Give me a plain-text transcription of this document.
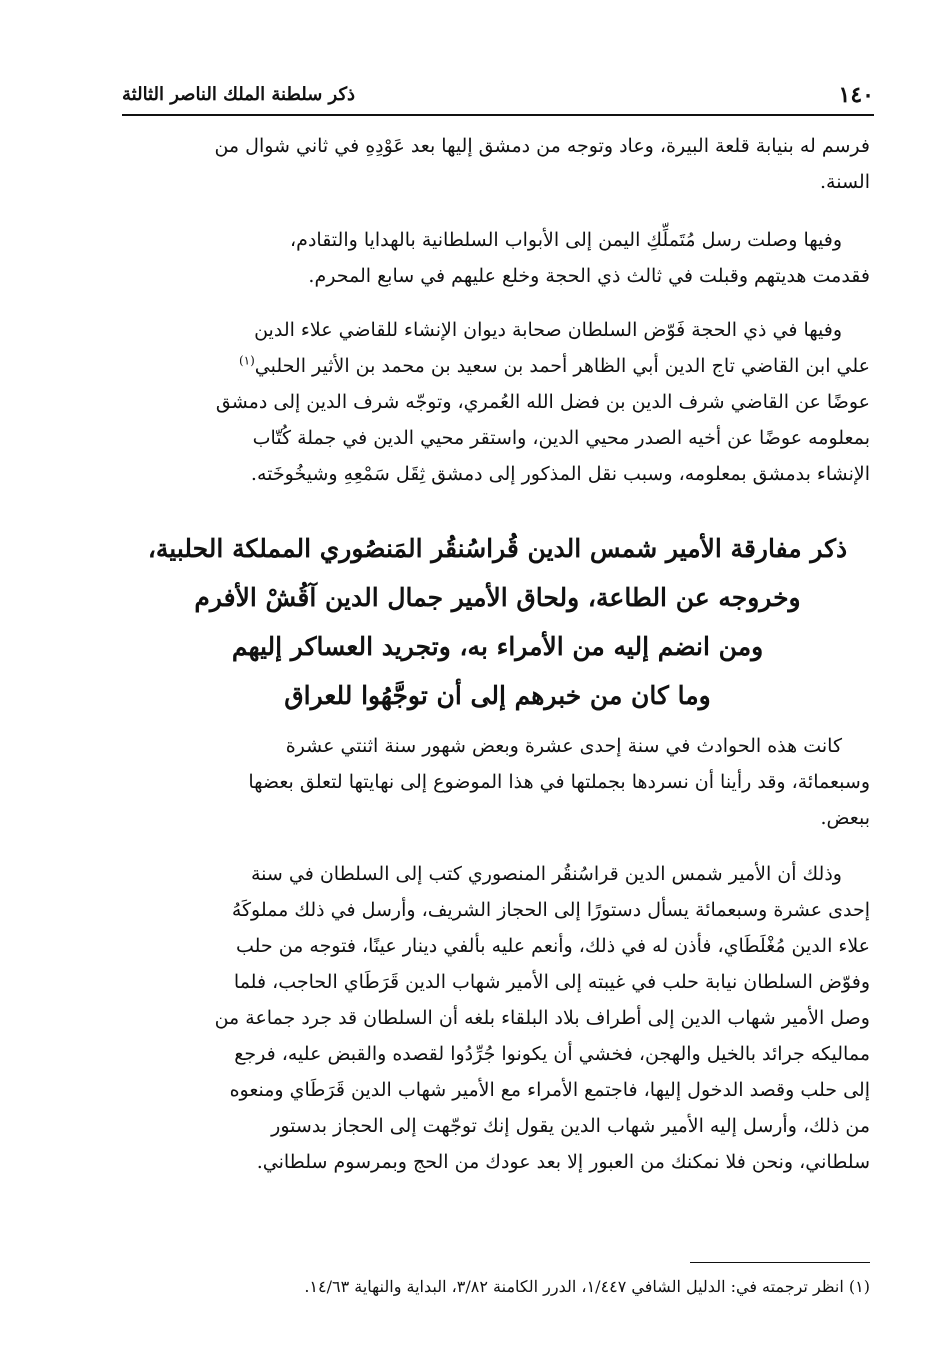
١٤٠
ذكر سلطنة الملك الناصر الثالثة

فرسم له بنيابة قلعة البيرة، وعاد وتوجه من دمشق إليها بعد عَوْدِهِ في ثاني شوال من

السنة.

وفيها وصلت رسل مُتَملِّكِ اليمن إلى الأبواب السلطانية بالهدايا والتقادم،

فقدمت هديتهم وقبلت في ثالث ذي الحجة وخلع عليهم في سابع المحرم.

وفيها في ذي الحجة فَوّض السلطان صحابة ديوان الإنشاء للقاضي علاء الدين

علي ابن القاضي تاج الدين أبي الظاهر أحمد بن سعيد بن محمد بن الأثير الحلبي$^{(١)}$

عوضًا عن القاضي شرف الدين بن فضل الله العُمري، وتوجّه شرف الدين إلى دمشق

بمعلومه عوضًا عن أخيه الصدر محيي الدين، واستقر محيي الدين في جملة كُتّاب

الإنشاء بدمشق بمعلومه، وسبب نقل المذكور إلى دمشق ثِقَل سَمْعِهِ وشيخُوخَته.

ذكر مفارقة الأمير شمس الدين قُراسُنقُر المَنصُوري المملكة الحلبية،
وخروجه عن الطاعة، ولحاق الأمير جمال الدين آقُشْ الأفرم
ومن انضم إليه من الأمراء به، وتجريد العساكر إليهم
وما كان من خبرهم إلى أن توجَّهُوا للعراق

كانت هذه الحوادث في سنة إحدى عشرة وبعض شهور سنة اثنتي عشرة

وسبعمائة، وقد رأينا أن نسردها بجملتها في هذا الموضوع إلى نهايتها لتعلق بعضها

ببعض.

وذلك أن الأمير شمس الدين قراسُنقُر المنصوري كتب إلى السلطان في سنة

إحدى عشرة وسبعمائة يسأل دستورًا إلى الحجاز الشريف، وأرسل في ذلك مملوكَهُ

علاء الدين مُغْلَطَاي، فأذن له في ذلك، وأنعم عليه بألفي دينار عينًا، فتوجه من حلب

وفوّض السلطان نيابة حلب في غيبته إلى الأمير شهاب الدين قَرَطَاي الحاجب، فلما

وصل الأمير شهاب الدين إلى أطراف بلاد البلقاء بلغه أن السلطان قد جرد جماعة من

مماليكه جرائد بالخيل والهجن، فخشي أن يكونوا جُرِّدُوا لقصده والقبض عليه، فرجع

إلى حلب وقصد الدخول إليها، فاجتمع الأمراء مع الأمير شهاب الدين قَرَطَاي ومنعوه

من ذلك، وأرسل إليه الأمير شهاب الدين يقول إنك توجّهت إلى الحجاز بدستور

سلطاني، ونحن فلا نمكنك من العبور إلا بعد عودك من الحج وبمرسوم سلطاني.

(١) انظر ترجمته في: الدليل الشافي ١/٤٤٧، الدرر الكامنة ٣/٨٢، البداية والنهاية ١٤/٦٣.
